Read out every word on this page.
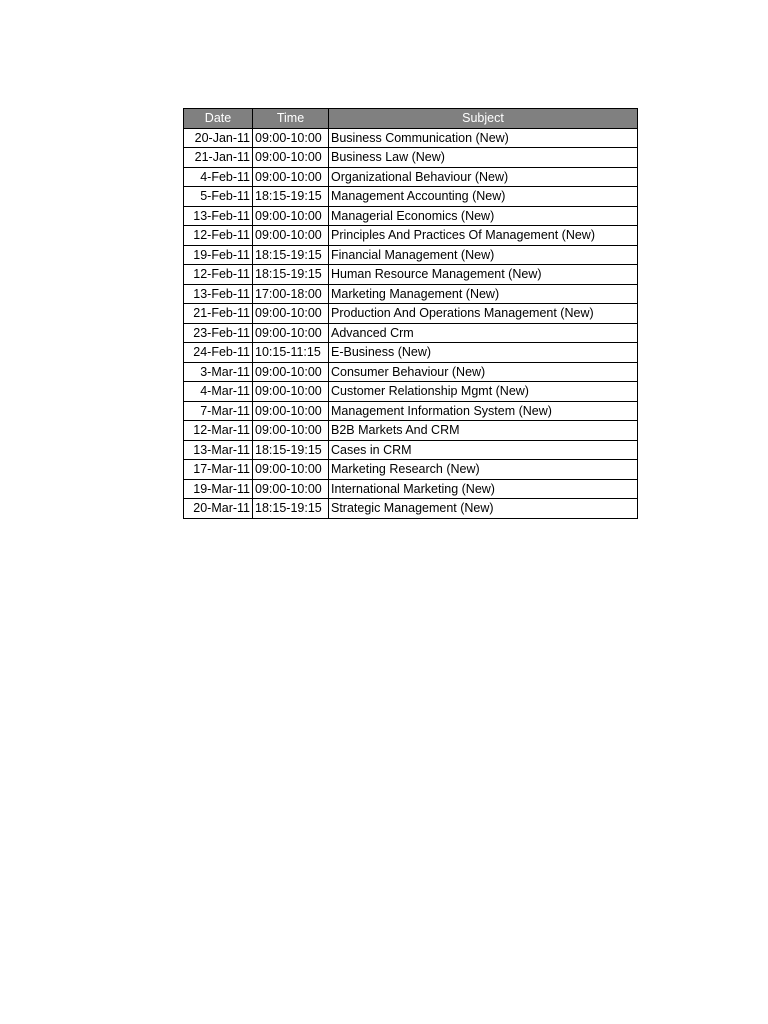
Date	Time	Subject
20-Jan-11	09:00-10:00	Business Communication (New)
21-Jan-11	09:00-10:00	Business Law (New)
4-Feb-11	09:00-10:00	Organizational Behaviour (New)
5-Feb-11	18:15-19:15	Management Accounting (New)
13-Feb-11	09:00-10:00	Managerial Economics (New)
12-Feb-11	09:00-10:00	Principles And Practices Of Management (New)
19-Feb-11	18:15-19:15	Financial Management (New)
12-Feb-11	18:15-19:15	Human Resource Management (New)
13-Feb-11	17:00-18:00	Marketing Management (New)
21-Feb-11	09:00-10:00	Production And Operations Management (New)
23-Feb-11	09:00-10:00	Advanced Crm
24-Feb-11	10:15-11:15	E-Business (New)
3-Mar-11	09:00-10:00	Consumer Behaviour (New)
4-Mar-11	09:00-10:00	Customer Relationship Mgmt (New)
7-Mar-11	09:00-10:00	Management Information System (New)
12-Mar-11	09:00-10:00	B2B Markets And CRM
13-Mar-11	18:15-19:15	Cases in CRM
17-Mar-11	09:00-10:00	Marketing Research (New)
19-Mar-11	09:00-10:00	International Marketing (New)
20-Mar-11	18:15-19:15	Strategic Management (New)
